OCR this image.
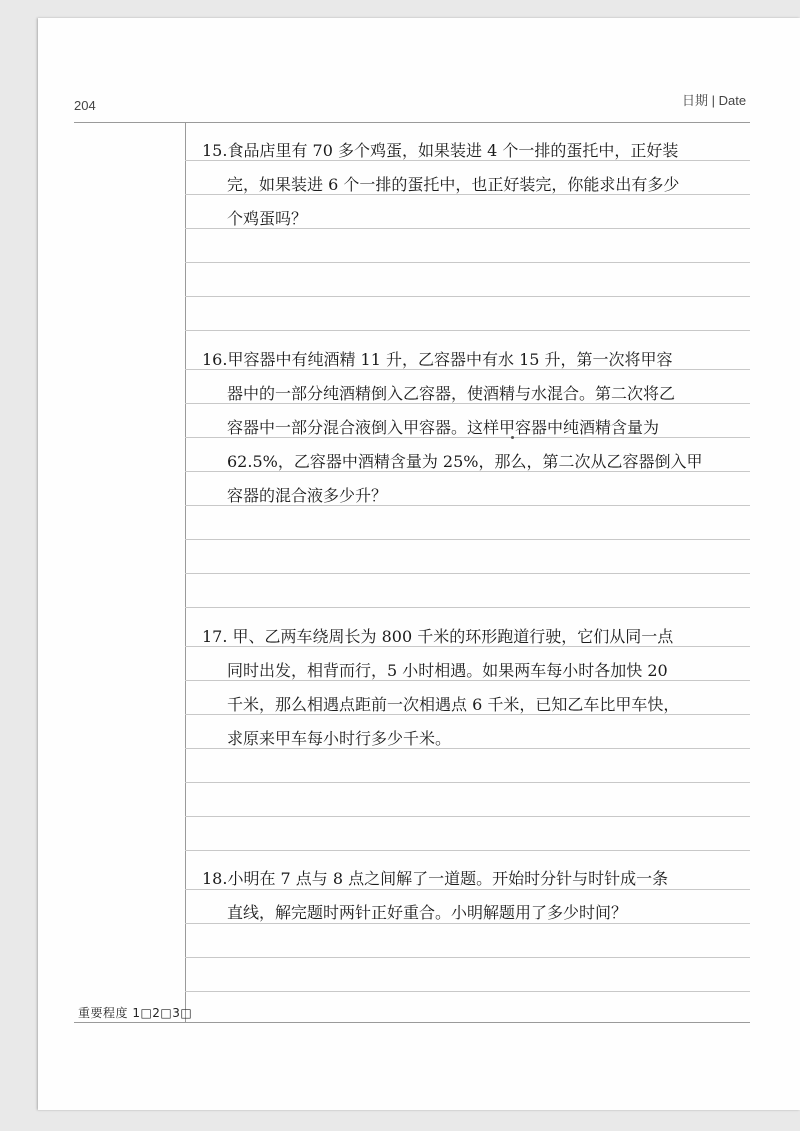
204	日期 | Date
15.食品店里有 70 多个鸡蛋，如果装进 4 个一排的蛋托中，正好装
完，如果装进 6 个一排的蛋托中，也正好装完，你能求出有多少
个鸡蛋吗？
16.甲容器中有纯酒精 11 升，乙容器中有水 15 升，第一次将甲容
器中的一部分纯酒精倒入乙容器，使酒精与水混合。第二次将乙
容器中一部分混合液倒入甲容器。这样甲容器中纯酒精含量为
62.5%，乙容器中酒精含量为 25%，那么，第二次从乙容器倒入甲
容器的混合液多少升？
17. 甲、乙两车绕周长为 800 千米的环形跑道行驶，它们从同一点
同时出发，相背而行，5 小时相遇。如果两车每小时各加快 20
千米，那么相遇点距前一次相遇点 6 千米，已知乙车比甲车快，
求原来甲车每小时行多少千米。
18.小明在 7 点与 8 点之间解了一道题。开始时分针与时针成一条
直线，解完题时两针正好重合。小明解题用了多少时间？
重要程度 1□2□3□
